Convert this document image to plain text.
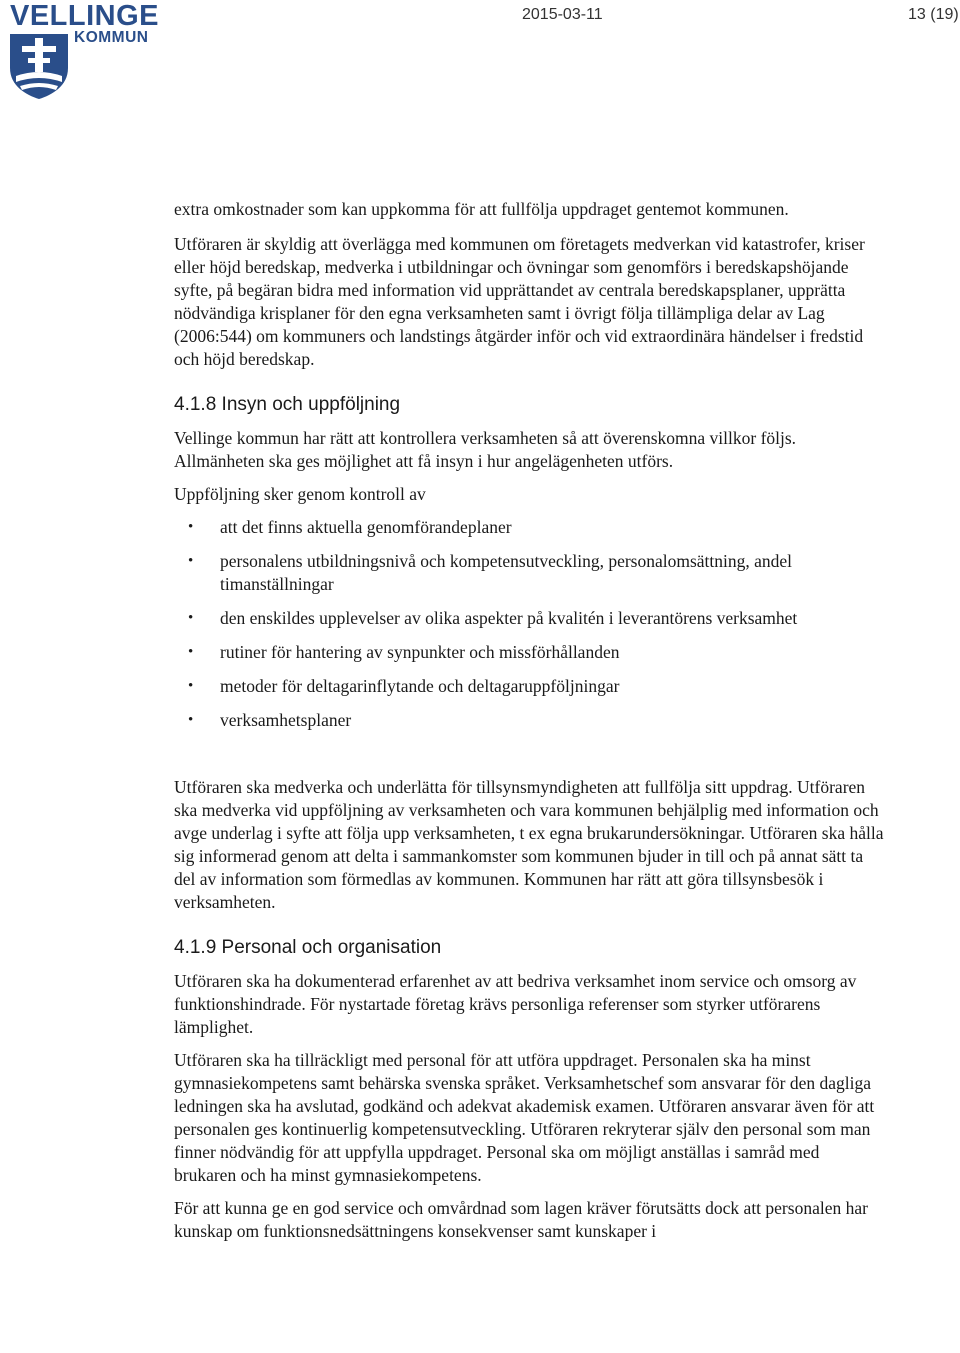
VELLINGE
KOMMUN
2015-03-11	13 (19)

extra omkostnader som kan uppkomma för att fullfölja uppdraget gentemot kommunen.

Utföraren är skyldig att överlägga med kommunen om företagets medverkan vid katastrofer, kriser eller höjd beredskap, medverka i utbildningar och övningar som genomförs i beredskapshöjande syfte, på begäran bidra med information vid upprättandet av centrala beredskapsplaner, upprätta nödvändiga krisplaner för den egna verksamheten samt i övrigt följa tillämpliga delar av Lag (2006:544) om kommuners och landstings åtgärder inför och vid extraordinära händelser i fredstid och höjd beredskap.

4.1.8 Insyn och uppföljning

Vellinge kommun har rätt att kontrollera verksamheten så att överenskomna villkor följs. Allmänheten ska ges möjlighet att få insyn i hur angelägenheten utförs.

Uppföljning sker genom kontroll av

• att det finns aktuella genomförandeplaner
• personalens utbildningsnivå och kompetensutveckling, personalomsättning, andel timanställningar
• den enskildes upplevelser av olika aspekter på kvalitén i leverantörens verksamhet
• rutiner för hantering av synpunkter och missförhållanden
• metoder för deltagarinflytande och deltagaruppföljningar
• verksamhetsplaner

Utföraren ska medverka och underlätta för tillsynsmyndigheten att fullfölja sitt uppdrag. Utföraren ska medverka vid uppföljning av verksamheten och vara kommunen behjälplig med information och avge underlag i syfte att följa upp verksamheten, t ex egna brukarundersökningar. Utföraren ska hålla sig informerad genom att delta i sammankomster som kommunen bjuder in till och på annat sätt ta del av information som förmedlas av kommunen. Kommunen har rätt att göra tillsynsbesök i verksamheten.

4.1.9 Personal och organisation

Utföraren ska ha dokumenterad erfarenhet av att bedriva verksamhet inom service och omsorg av funktionshindrade. För nystartade företag krävs personliga referenser som styrker utförarens lämplighet.

Utföraren ska ha tillräckligt med personal för att utföra uppdraget. Personalen ska ha minst gymnasiekompetens samt behärska svenska språket. Verksamhetschef som ansvarar för den dagliga ledningen ska ha avslutad, godkänd och adekvat akademisk examen. Utföraren ansvarar även för att personalen ges kontinuerlig kompetensutveckling. Utföraren rekryterar själv den personal som man finner nödvändig för att uppfylla uppdraget. Personal ska om möjligt anställas i samråd med brukaren och ha minst gymnasiekompetens.

För att kunna ge en god service och omvårdnad som lagen kräver förutsätts dock att personalen har kunskap om funktionsnedsättningens konsekvenser samt kunskaper i
